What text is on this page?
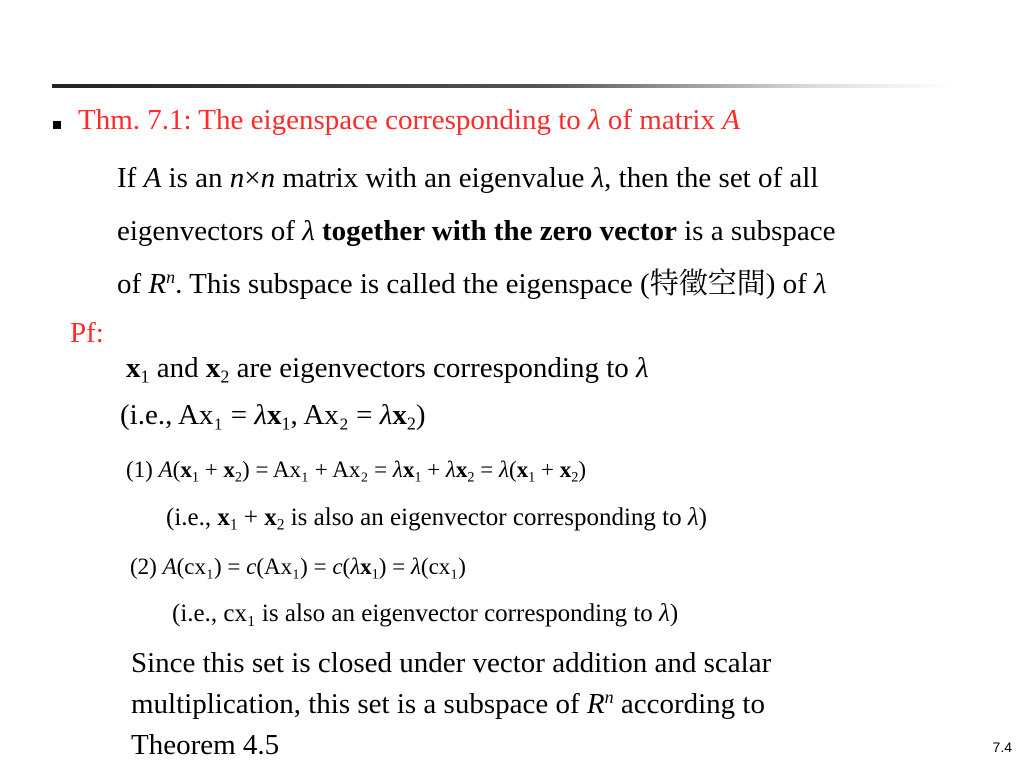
Thm. 7.1: The eigenspace corresponding to λ of matrix A
If A is an n×n matrix with an eigenvalue λ, then the set of all
eigenvectors of λ together with the zero vector is a subspace
of $R^n$. This subspace is called the eigenspace (特徵空間) of λ
Pf:
$x_1$ and $x_2$ are eigenvectors corresponding to λ
(i.e., $Ax_1 = \lambda x_1$, $Ax_2 = \lambda x_2$)
(1) $A(x_1 + x_2) = Ax_1 + Ax_2 = \lambda x_1 + \lambda x_2 = \lambda(x_1 + x_2)$
(i.e., $x_1 + x_2$ is also an eigenvector corresponding to λ)
(2) $A(cx_1) = c(Ax_1) = c(\lambda x_1) = \lambda(cx_1)$
(i.e., cx₁ is also an eigenvector corresponding to λ)
Since this set is closed under vector addition and scalar
multiplication, this set is a subspace of $R^n$ according to
Theorem 4.5	7.4
